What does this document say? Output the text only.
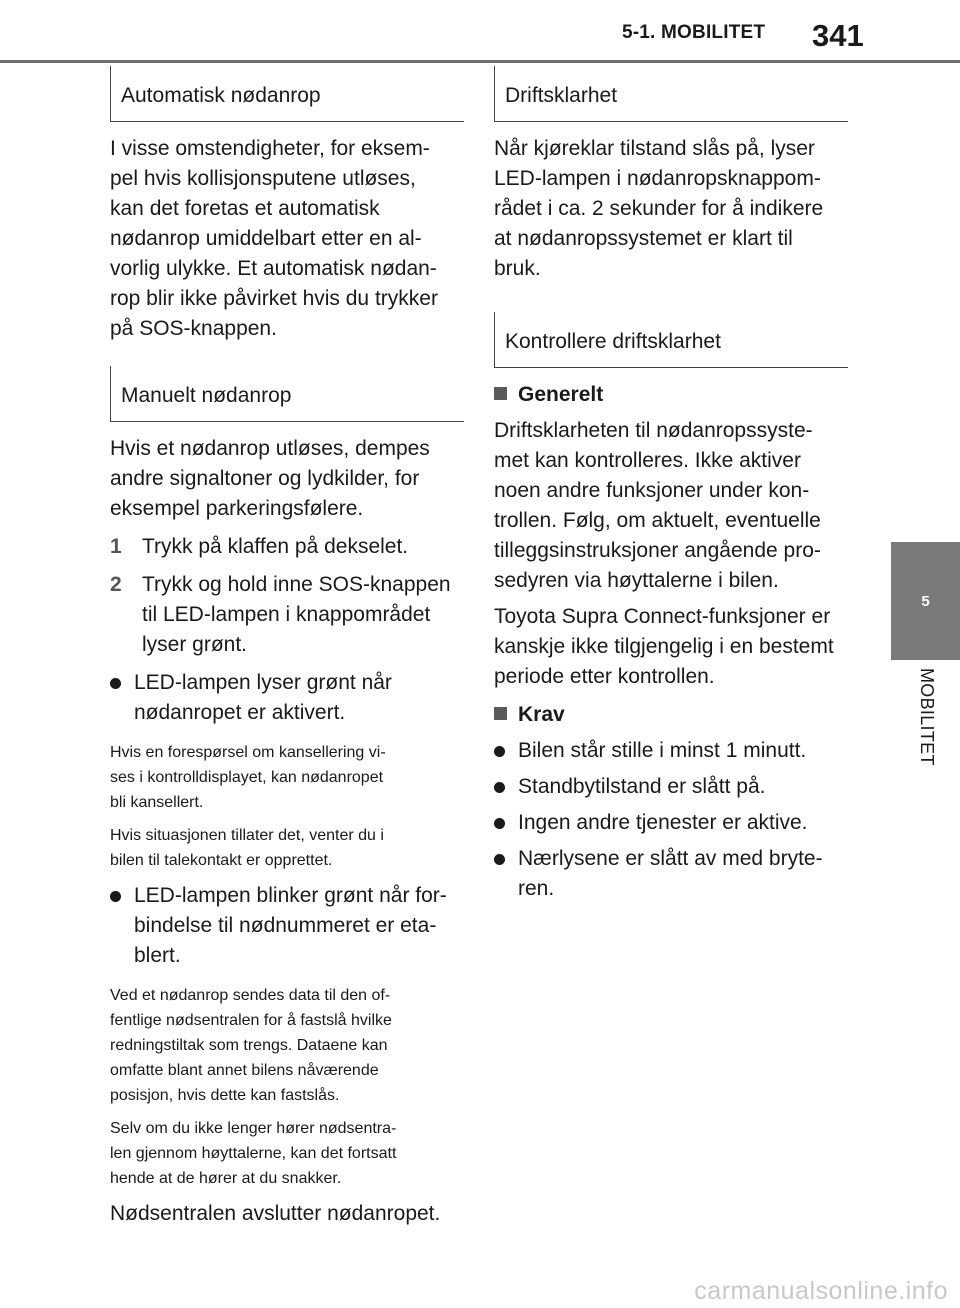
5-1. MOBILITET	341
5
MOBILITET
Automatisk nødanrop

I visse omstendigheter, for eksem-
pel hvis kollisjonsputene utløses,
kan det foretas et automatisk
nødanrop umiddelbart etter en al-
vorlig ulykke. Et automatisk nødan-
rop blir ikke påvirket hvis du trykker
på SOS-knappen.

Manuelt nødanrop

Hvis et nødanrop utløses, dempes
andre signaltoner og lydkilder, for
eksempel parkeringsfølere.

1 Trykk på klaffen på dekselet.
2 Trykk og hold inne SOS-knappen
til LED-lampen i knappområdet
lyser grønt.
LED-lampen lyser grønt når
nødanropet er aktivert.

Hvis en forespørsel om kansellering vi-
ses i kontrolldisplayet, kan nødanropet
bli kansellert.

Hvis situasjonen tillater det, venter du i
bilen til talekontakt er opprettet.

LED-lampen blinker grønt når for-
bindelse til nødnummeret er eta-
blert.

Ved et nødanrop sendes data til den of-
fentlige nødsentralen for å fastslå hvilke
redningstiltak som trengs. Dataene kan
omfatte blant annet bilens nåværende
posisjon, hvis dette kan fastslås.

Selv om du ikke lenger hører nødsentra-
len gjennom høyttalerne, kan det fortsatt
hende at de hører at du snakker.

Nødsentralen avslutter nødanropet.

Driftsklarhet

Når kjøreklar tilstand slås på, lyser
LED-lampen i nødanropsknappom-
rådet i ca. 2 sekunder for å indikere
at nødanropssystemet er klart til
bruk.

Kontrollere driftsklarhet
Generelt

Driftsklarheten til nødanropssyste-
met kan kontrolleres. Ikke aktiver
noen andre funksjoner under kon-
trollen. Følg, om aktuelt, eventuelle
tilleggsinstruksjoner angående pro-
sedyren via høyttalerne i bilen.

Toyota Supra Connect-funksjoner er
kanskje ikke tilgjengelig i en bestemt
periode etter kontrollen.

Krav
Bilen står stille i minst 1 minutt.
Standbytilstand er slått på.
Ingen andre tjenester er aktive.
Nærlysene er slått av med bryte-
ren.
carmanualsonline.info
